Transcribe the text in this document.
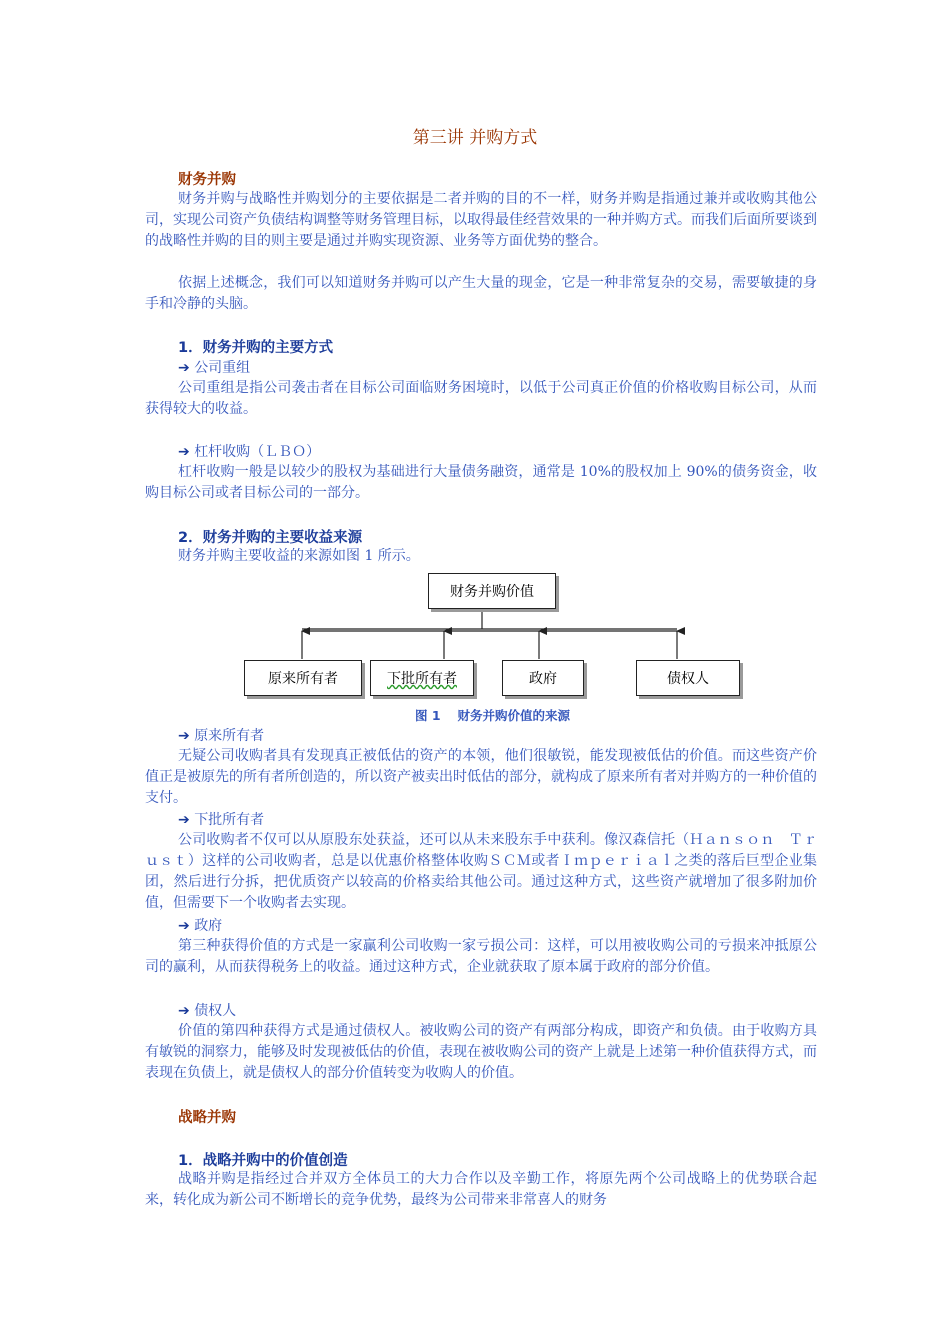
第三讲 并购方式
财务并购

财务并购与战略性并购划分的主要依据是二者并购的目的不一样，财务并购是指通过兼并或收购其他公司，实现公司资产负债结构调整等财务管理目标，以取得最佳经营效果的一种并购方式。而我们后面所要谈到的战略性并购的目的则主要是通过并购实现资源、业务等方面优势的整合。

依据上述概念，我们可以知道财务并购可以产生大量的现金，它是一种非常复杂的交易，需要敏捷的身手和冷静的头脑。

1．财务并购的主要方式
➔ 公司重组

公司重组是指公司袭击者在目标公司面临财务困境时，以低于公司真正价值的价格收购目标公司，从而获得较大的收益。

➔ 杠杆收购（ＬＢＯ）

杠杆收购一般是以较少的股权为基础进行大量债务融资，通常是 10%的股权加上 90%的债务资金，收购目标公司或者目标公司的一部分。

2．财务并购的主要收益来源

财务并购主要收益的来源如图 1 所示。

财务并购价值
原来所有者	下批所有者	政府	债权人
图 1　 财务并购价值的来源
➔ 原来所有者

无疑公司收购者具有发现真正被低估的资产的本领，他们很敏锐，能发现被低估的价值。而这些资产价值正是被原先的所有者所创造的，所以资产被卖出时低估的部分，就构成了原来所有者对并购方的一种价值的支付。

➔ 下批所有者

公司收购者不仅可以从原股东处获益，还可以从未来股东手中获利。像汉森信托（Ｈａｎｓｏｎ　Ｔｒｕｓｔ）这样的公司收购者，总是以优惠价格整体收购ＳＣＭ或者Ｉｍｐｅｒｉａｌ之类的落后巨型企业集团，然后进行分拆，把优质资产以较高的价格卖给其他公司。通过这种方式，这些资产就增加了很多附加价值，但需要下一个收购者去实现。

➔ 政府

第三种获得价值的方式是一家赢利公司收购一家亏损公司：这样，可以用被收购公司的亏损来冲抵原公司的赢利，从而获得税务上的收益。通过这种方式，企业就获取了原本属于政府的部分价值。

➔ 债权人

价值的第四种获得方式是通过债权人。被收购公司的资产有两部分构成，即资产和负债。由于收购方具有敏锐的洞察力，能够及时发现被低估的价值，表现在被收购公司的资产上就是上述第一种价值获得方式，而表现在负债上，就是债权人的部分价值转变为收购人的价值。

战略并购
1．战略并购中的价值创造

战略并购是指经过合并双方全体员工的大力合作以及辛勤工作，将原先两个公司战略上的优势联合起来，转化成为新公司不断增长的竞争优势，最终为公司带来非常喜人的财务
